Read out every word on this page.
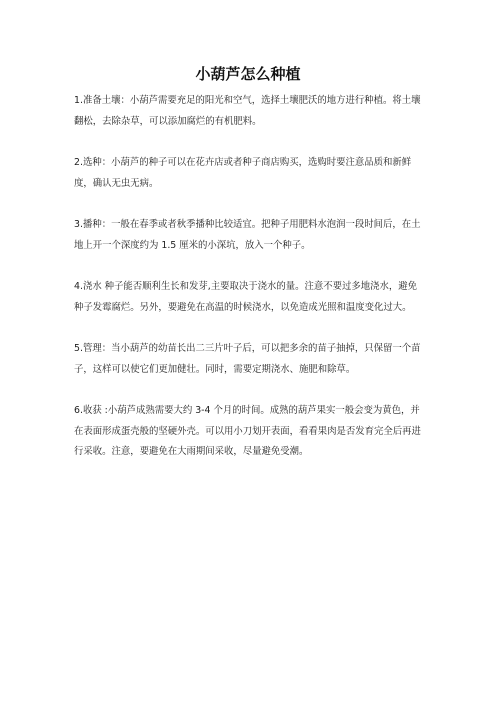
小葫芦怎么种植

1.准备土壤：小葫芦需要充足的阳光和空气，选择土壤肥沃的地方进行种植。将土壤翻松，去除杂草，可以添加腐烂的有机肥料。

2.选种：小葫芦的种子可以在花卉店或者种子商店购买，选购时要注意品质和新鲜度，确认无虫无病。

3.播种：一般在春季或者秋季播种比较适宜。把种子用肥料水泡润一段时间后，在土地上开一个深度约为 1.5 厘米的小深坑，放入一个种子。

4.浇水 种子能否顺利生长和发芽,主要取决于浇水的量。注意不要过多地浇水，避免种子发霉腐烂。另外，要避免在高温的时候浇水，以免造成光照和温度变化过大。

5.管理：当小葫芦的幼苗长出二三片叶子后，可以把多余的苗子抽掉，只保留一个苗子，这样可以使它们更加健壮。同时，需要定期浇水、施肥和除草。

6.收获 :小葫芦成熟需要大约 3-4 个月的时间。成熟的葫芦果实一般会变为黄色，并在表面形成蛋壳般的坚硬外壳。可以用小刀划开表面，看看果肉是否发育完全后再进行采收。注意，要避免在大雨期间采收，尽量避免受潮。
